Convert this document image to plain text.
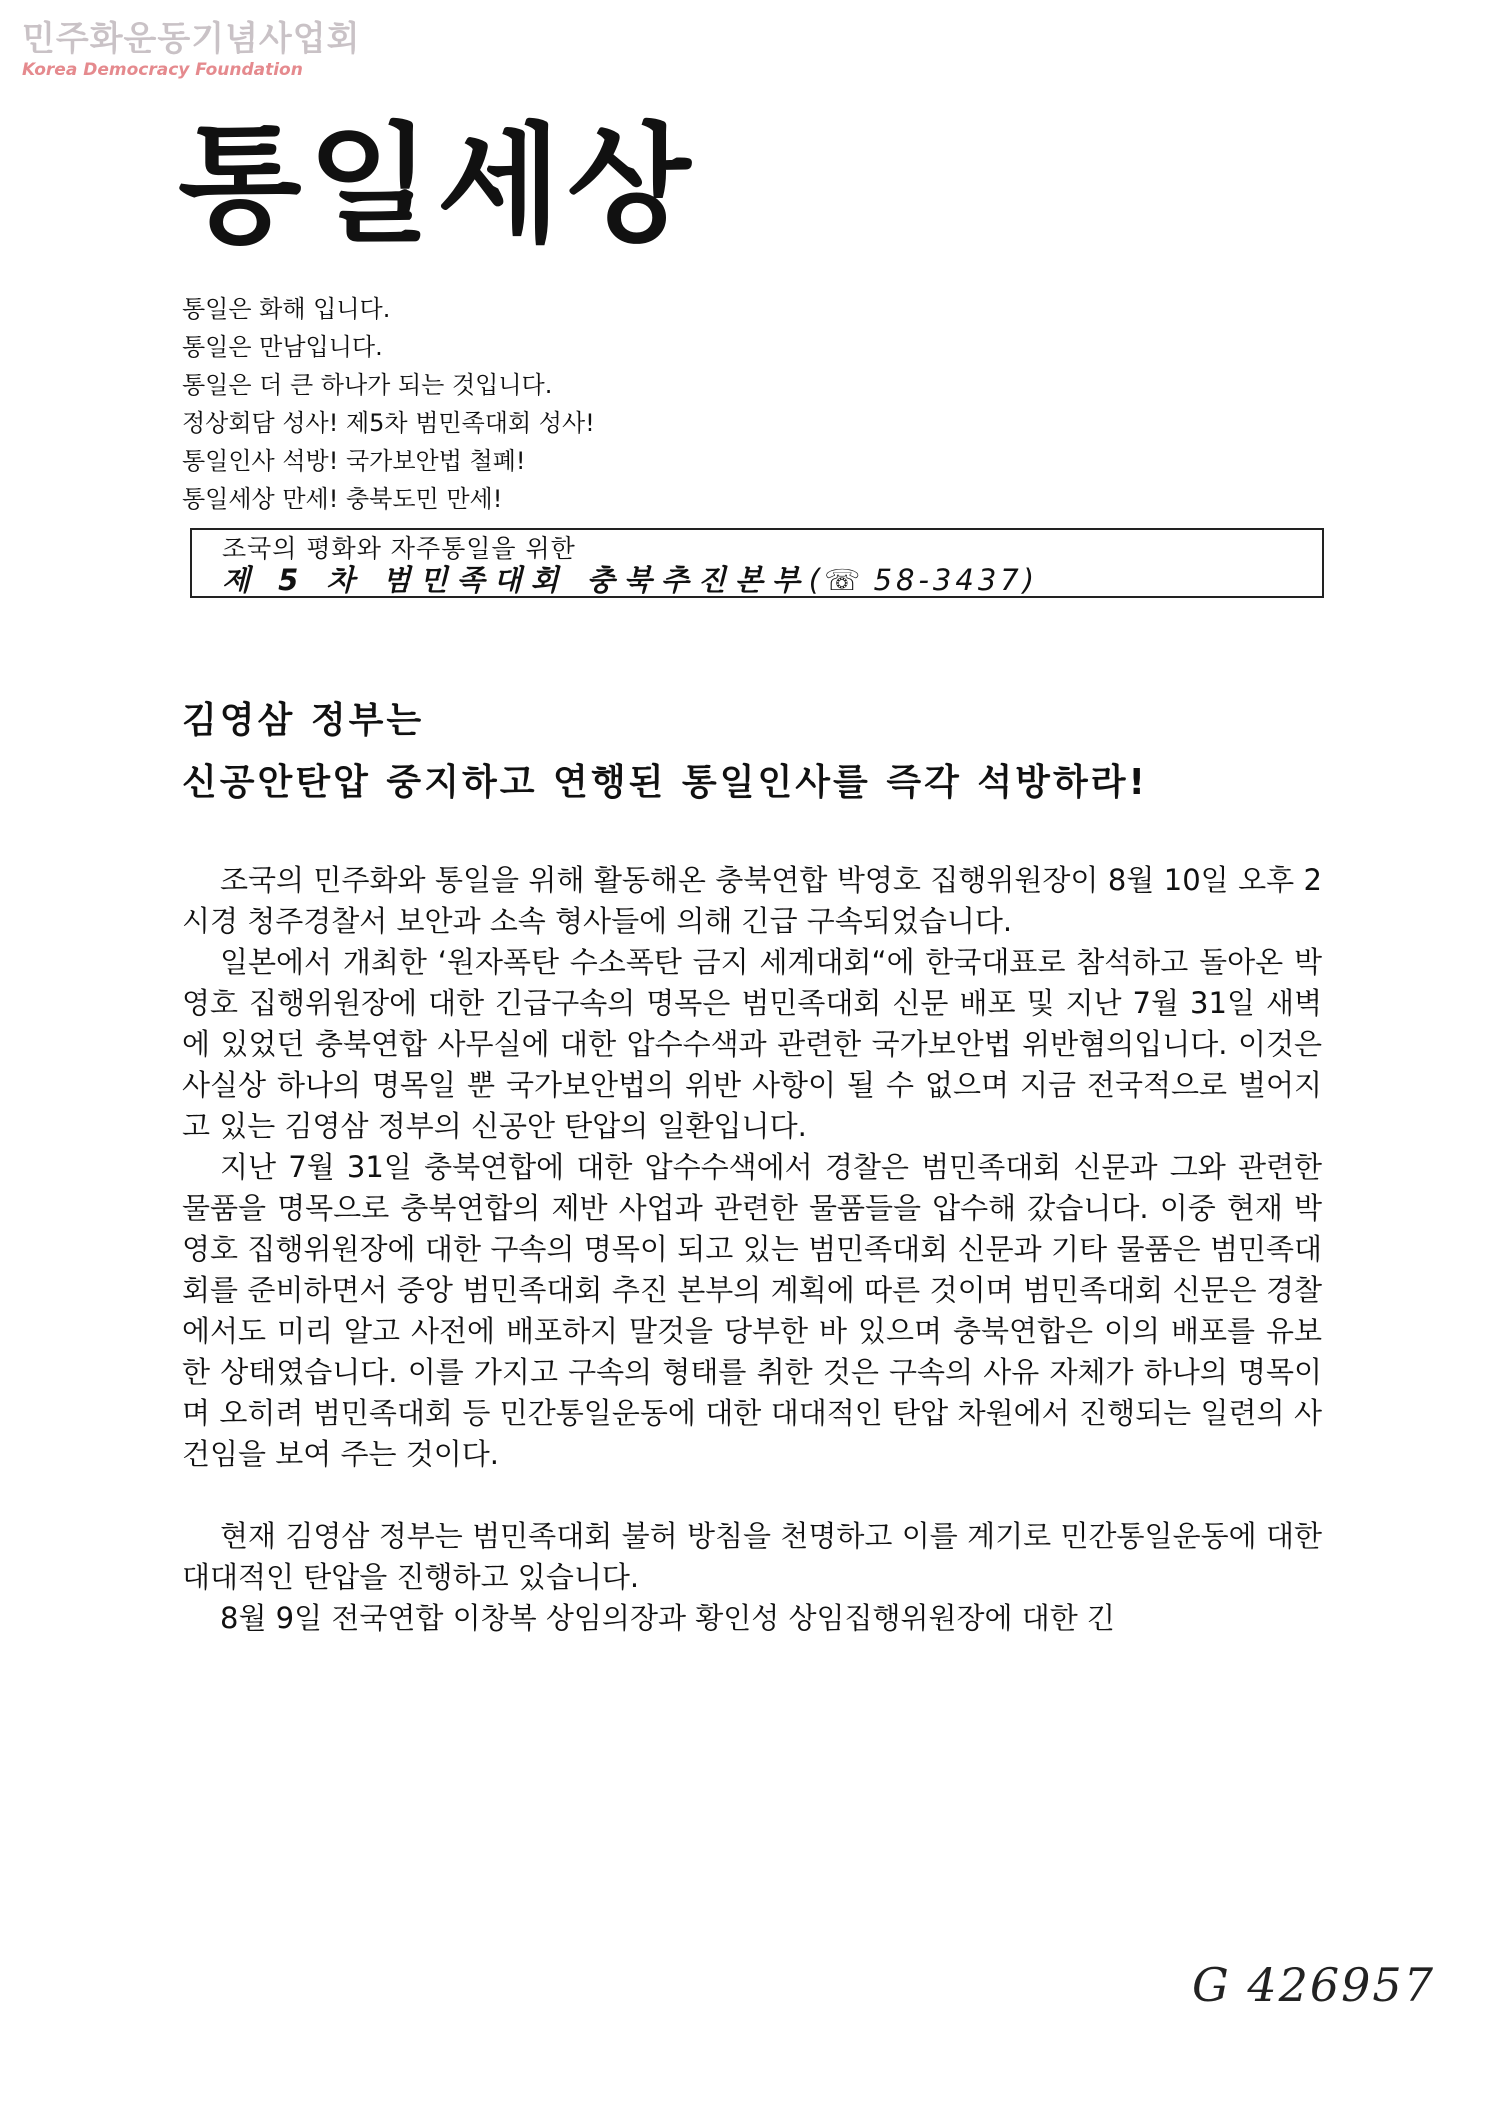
민주화운동기념사업회
Korea Democracy Foundation
통일세상
통일은 화해 입니다.
통일은 만남입니다.
통일은 더 큰 하나가 되는 것입니다.
정상회담 성사! 제5차 범민족대회 성사!
통일인사 석방! 국가보안법 철폐!
통일세상 만세! 충북도민 만세!
조국의 평화와 자주통일을 위한
제 5 차 범민족대회 충북추진본부(☏ 58-3437)
김영삼 정부는
신공안탄압 중지하고 연행된 통일인사를 즉각 석방하라!

조국의 민주화와 통일을 위해 활동해온 충북연합 박영호 집행위원장이 8월 10일 오후 2시경 청주경찰서 보안과 소속 형사들에 의해 긴급 구속되었습니다.

일본에서 개최한 ‘원자폭탄 수소폭탄 금지 세계대회“에 한국대표로 참석하고 돌아온 박영호 집행위원장에 대한 긴급구속의 명목은 범민족대회 신문 배포 및 지난 7월 31일 새벽에 있었던 충북연합 사무실에 대한 압수수색과 관련한 국가보안법 위반혐의입니다. 이것은 사실상 하나의 명목일 뿐 국가보안법의 위반 사항이 될 수 없으며 지금 전국적으로 벌어지고 있는 김영삼 정부의 신공안 탄압의 일환입니다.

지난 7월 31일 충북연합에 대한 압수수색에서 경찰은 범민족대회 신문과 그와 관련한 물품을 명목으로 충북연합의 제반 사업과 관련한 물품들을 압수해 갔습니다. 이중 현재 박영호 집행위원장에 대한 구속의 명목이 되고 있는 범민족대회 신문과 기타 물품은 범민족대회를 준비하면서 중앙 범민족대회 추진 본부의 계획에 따른 것이며 범민족대회 신문은 경찰에서도 미리 알고 사전에 배포하지 말것을 당부한 바 있으며 충북연합은 이의 배포를 유보한 상태였습니다. 이를 가지고 구속의 형태를 취한 것은 구속의 사유 자체가 하나의 명목이며 오히려 범민족대회 등 민간통일운동에 대한 대대적인 탄압 차원에서 진행되는 일련의 사건임을 보여 주는 것이다.

현재 김영삼 정부는 범민족대회 불허 방침을 천명하고 이를 계기로 민간통일운동에 대한 대대적인 탄압을 진행하고 있습니다.

8월 9일 전국연합 이창복 상임의장과 황인성 상임집행위원장에 대한 긴

G 426957
